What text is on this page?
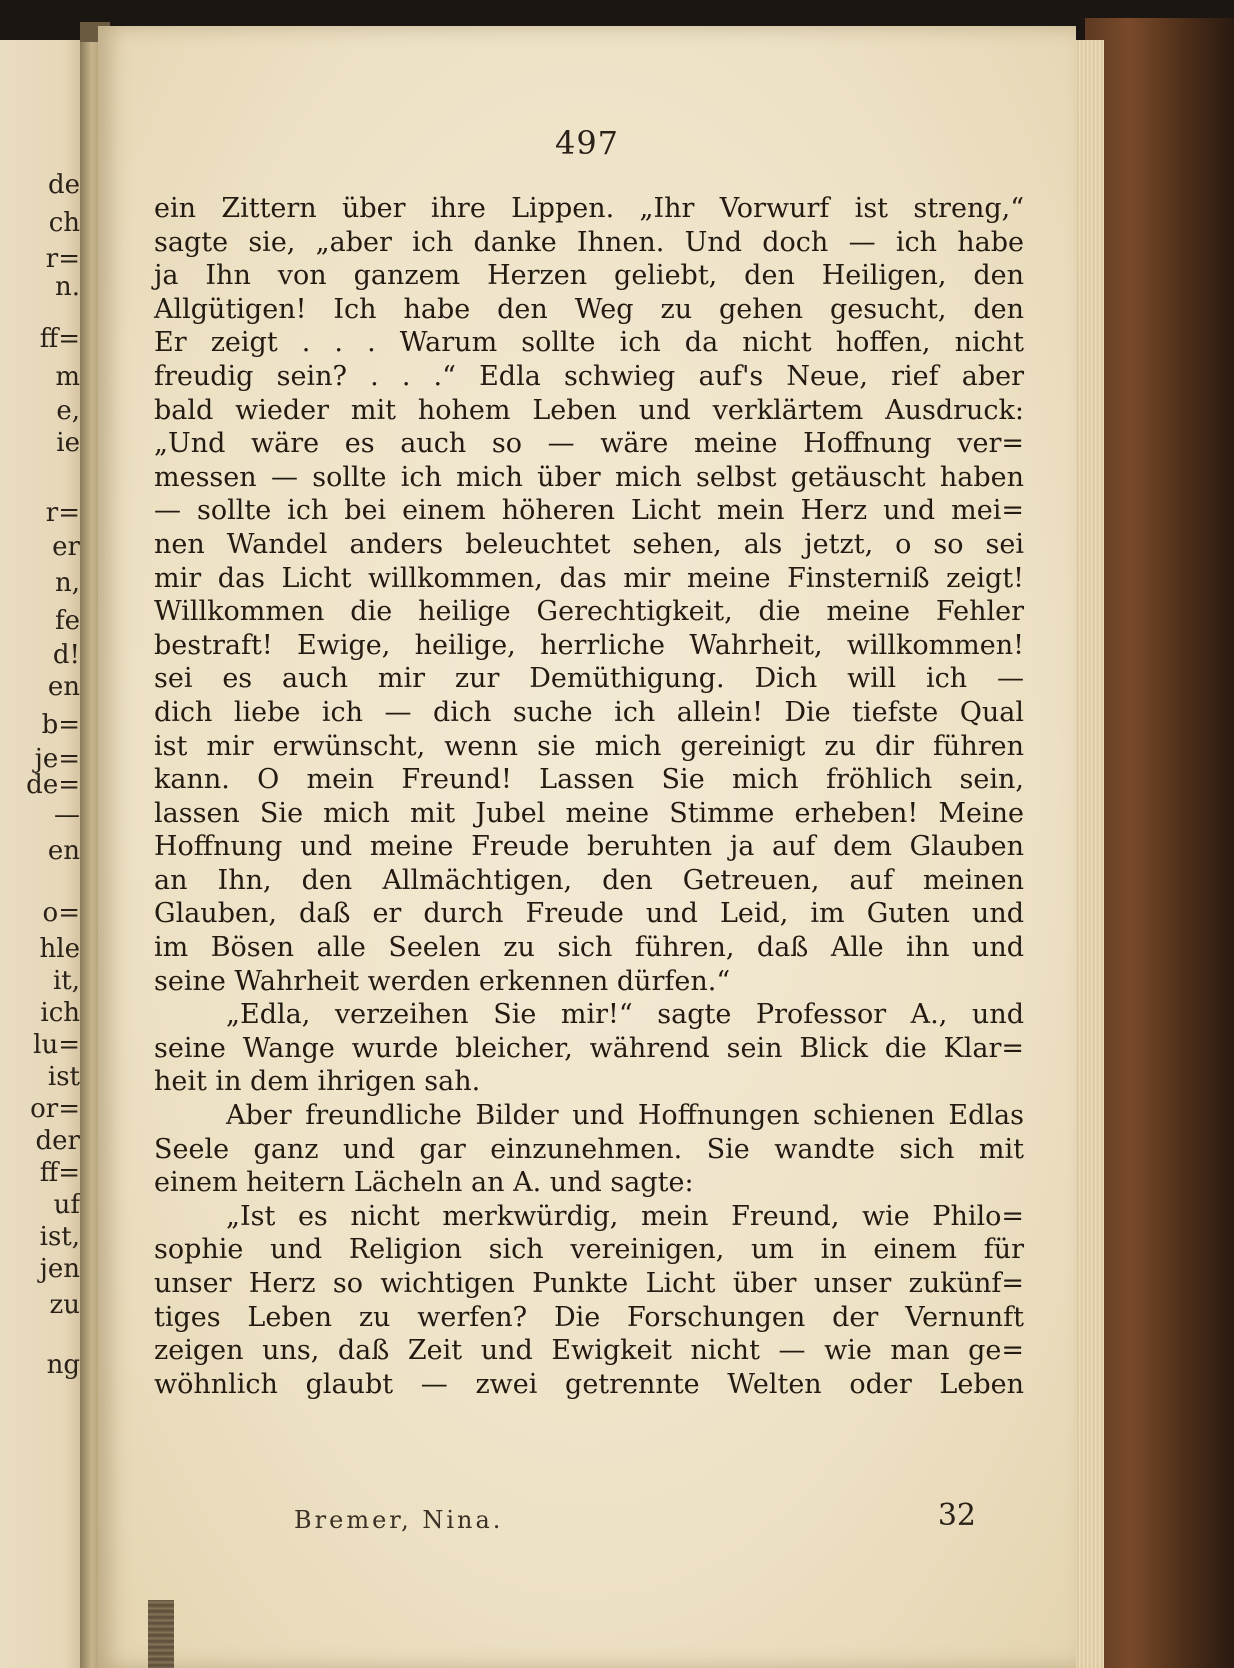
de
ch
r=
n.
ff=
m
e,
ie
r=
er
n,
fe
d!
en
b=
je=
de=
—
en
o=
hle
it,
ich
lu=
ist
or=
der
ff=
uf
ist,
jen
zu
ng
497
ein Zittern über ihre Lippen. „Ihr Vorwurf ist streng,“
sagte sie, „aber ich danke Ihnen. Und doch — ich habe
ja Ihn von ganzem Herzen geliebt, den Heiligen, den
Allgütigen! Ich habe den Weg zu gehen gesucht, den
Er zeigt . . . Warum sollte ich da nicht hoffen, nicht
freudig sein? . . .“ Edla schwieg auf's Neue, rief aber
bald wieder mit hohem Leben und verklärtem Ausdruck:
„Und wäre es auch so — wäre meine Hoffnung ver=
messen — sollte ich mich über mich selbst getäuscht haben
— sollte ich bei einem höheren Licht mein Herz und mei=
nen Wandel anders beleuchtet sehen, als jetzt, o so sei
mir das Licht willkommen, das mir meine Finsterniß zeigt!
Willkommen die heilige Gerechtigkeit, die meine Fehler
bestraft! Ewige, heilige, herrliche Wahrheit, willkommen!
sei es auch mir zur Demüthigung. Dich will ich —
dich liebe ich — dich suche ich allein! Die tiefste Qual
ist mir erwünscht, wenn sie mich gereinigt zu dir führen
kann. O mein Freund! Lassen Sie mich fröhlich sein,
lassen Sie mich mit Jubel meine Stimme erheben! Meine
Hoffnung und meine Freude beruhten ja auf dem Glauben
an Ihn, den Allmächtigen, den Getreuen, auf meinen
Glauben, daß er durch Freude und Leid, im Guten und
im Bösen alle Seelen zu sich führen, daß Alle ihn und
seine Wahrheit werden erkennen dürfen.“
„Edla, verzeihen Sie mir!“ sagte Professor A., und
seine Wange wurde bleicher, während sein Blick die Klar=
heit in dem ihrigen sah.
Aber freundliche Bilder und Hoffnungen schienen Edlas
Seele ganz und gar einzunehmen. Sie wandte sich mit
einem heitern Lächeln an A. und sagte:
„Ist es nicht merkwürdig, mein Freund, wie Philo=
sophie und Religion sich vereinigen, um in einem für
unser Herz so wichtigen Punkte Licht über unser zukünf=
tiges Leben zu werfen? Die Forschungen der Vernunft
zeigen uns, daß Zeit und Ewigkeit nicht — wie man ge=
wöhnlich glaubt — zwei getrennte Welten oder Leben
Bremer, Nina.	32
